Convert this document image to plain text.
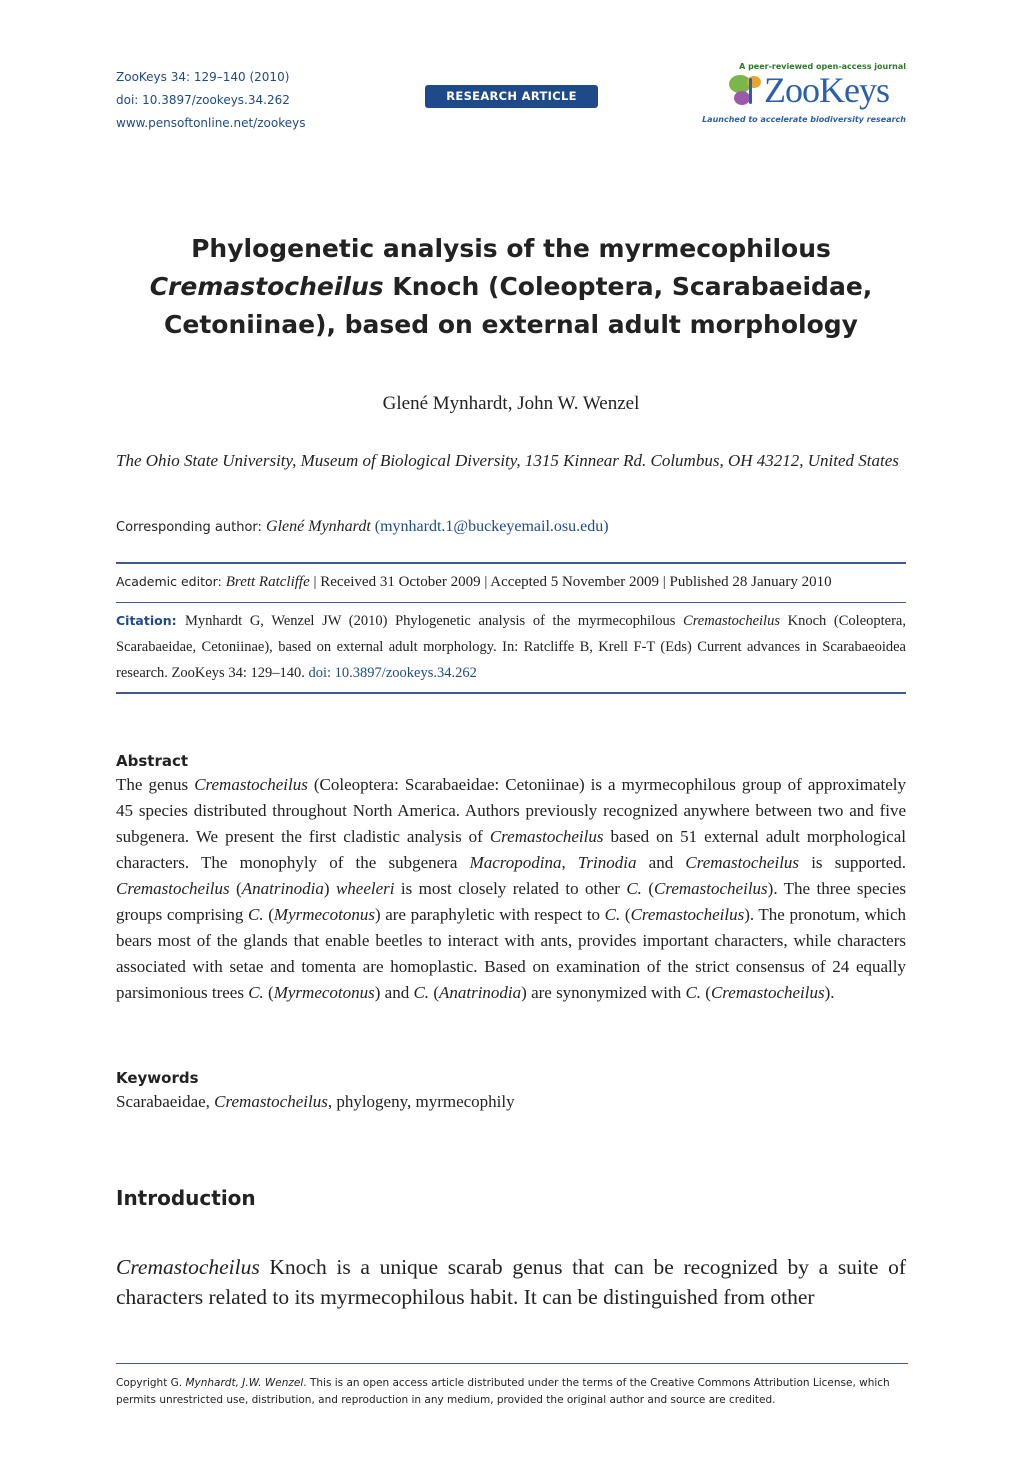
ZooKeys 34: 129–140 (2010)
doi: 10.3897/zookeys.34.262
www.pensoftonline.net/zookeys
RESEARCH ARTICLE
A peer-reviewed open-access journal
ZooKeys
Launched to accelerate biodiversity research
Phylogenetic analysis of the myrmecophilous
Cremastocheilus Knoch (Coleoptera, Scarabaeidae,
Cetoniinae), based on external adult morphology
Glené Mynhardt, John W. Wenzel
The Ohio State University, Museum of Biological Diversity, 1315 Kinnear Rd. Columbus, OH 43212, United States
Corresponding author: Glené Mynhardt (mynhardt.1@buckeyemail.osu.edu)
Academic editor: Brett Ratcliffe | Received 31 October 2009 | Accepted 5 November 2009 | Published 28 January 2010
Citation: Mynhardt G, Wenzel JW (2010) Phylogenetic analysis of the myrmecophilous Cremastocheilus Knoch (Coleoptera, Scarabaeidae, Cetoniinae), based on external adult morphology. In: Ratcliffe B, Krell F-T (Eds) Current advances in Scarabaeoidea research. ZooKeys 34: 129–140. doi: 10.3897/zookeys.34.262
Abstract
The genus Cremastocheilus (Coleoptera: Scarabaeidae: Cetoniinae) is a myrmecophilous group of approximately 45 species distributed throughout North America. Authors previously recognized anywhere between two and five subgenera. We present the first cladistic analysis of Cremastocheilus based on 51 external adult morphological characters. The monophyly of the subgenera Macropodina, Trinodia and Cremastocheilus is supported. Cremastocheilus (Anatrinodia) wheeleri is most closely related to other C. (Cremastocheilus). The three species groups comprising C. (Myrmecotonus) are paraphyletic with respect to C. (Cremastocheilus). The pronotum, which bears most of the glands that enable beetles to interact with ants, provides important characters, while characters associated with setae and tomenta are homoplastic. Based on examination of the strict consensus of 24 equally parsimonious trees C. (Myrmecotonus) and C. (Anatrinodia) are synonymized with C. (Cremastocheilus).
Keywords
Scarabaeidae, Cremastocheilus, phylogeny, myrmecophily
Introduction
Cremastocheilus Knoch is a unique scarab genus that can be recognized by a suite of characters related to its myrmecophilous habit. It can be distinguished from other
Copyright G. Mynhardt, J.W. Wenzel. This is an open access article distributed under the terms of the Creative Commons Attribution License, which permits unrestricted use, distribution, and reproduction in any medium, provided the original author and source are credited.
